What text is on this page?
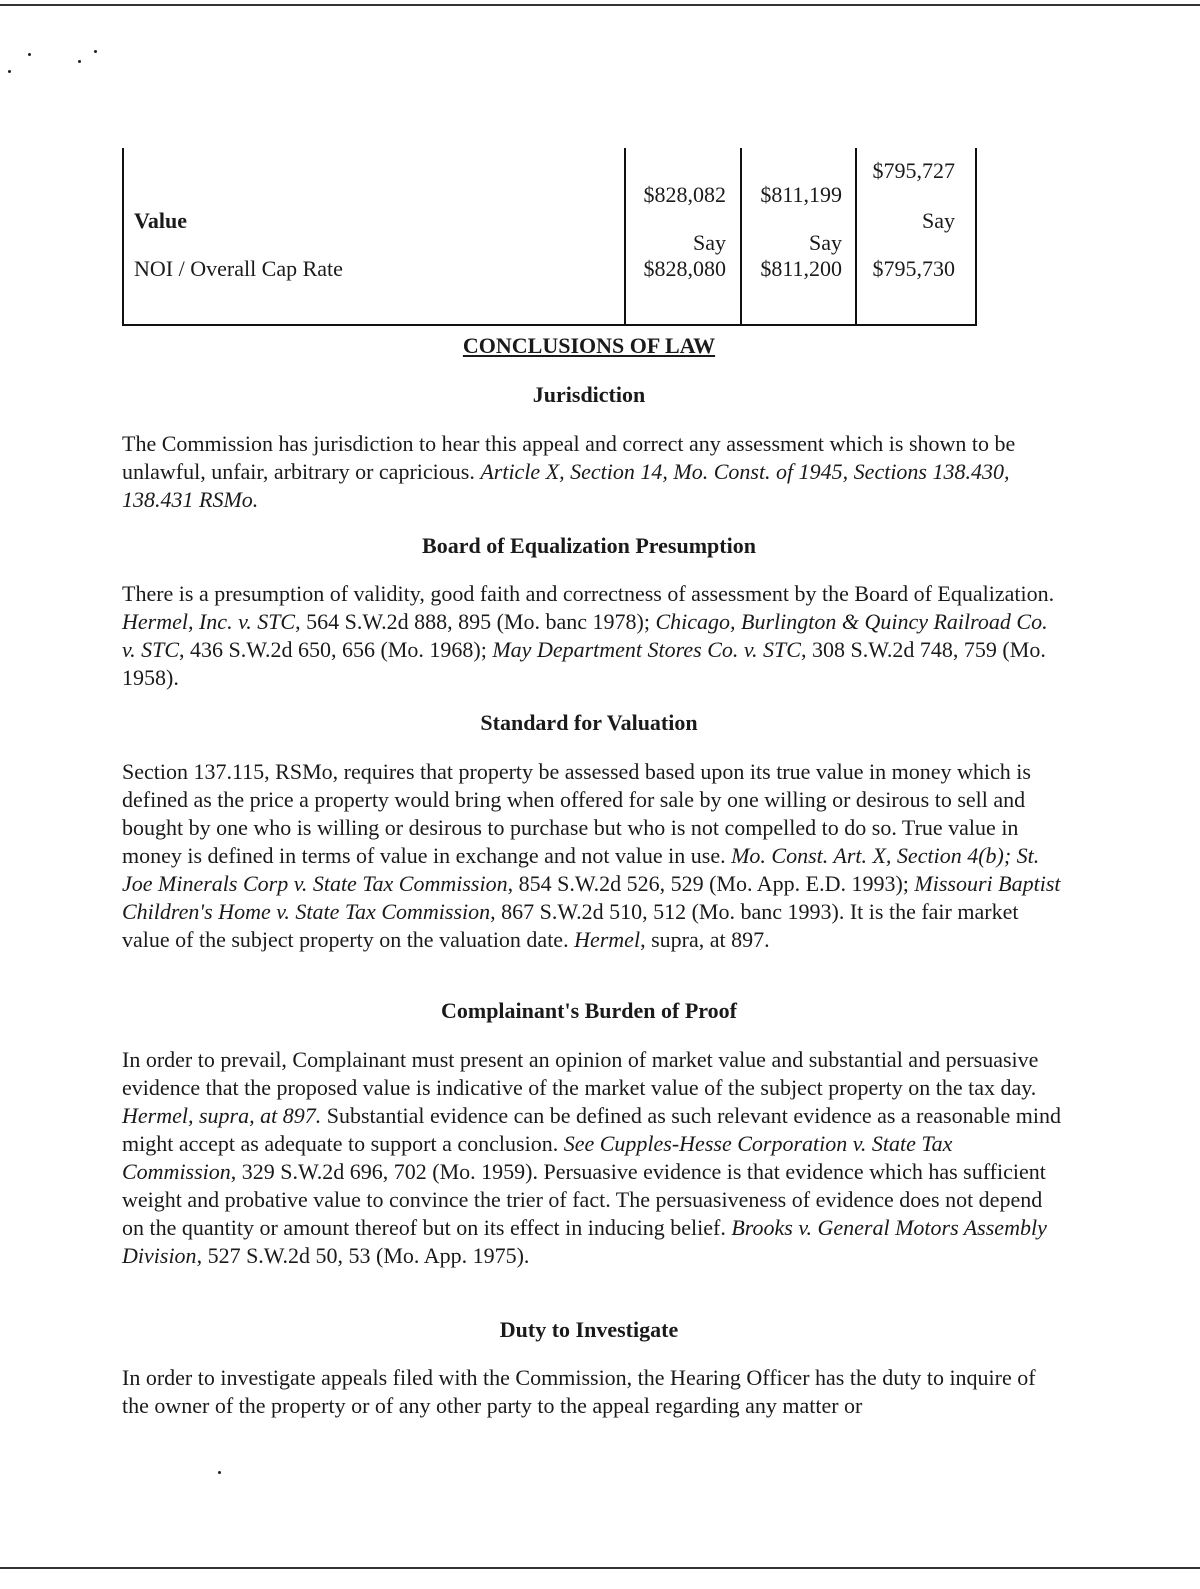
Value
NOI / Overall Cap Rate
$828,082
Say
$828,080
$811,199
Say
$811,200
$795,727
Say
$795,730
CONCLUSIONS OF LAW
Jurisdiction

The Commission has jurisdiction to hear this appeal and correct any assessment which is shown to be unlawful, unfair, arbitrary or capricious. Article X, Section 14, Mo. Const. of 1945, Sections 138.430, 138.431 RSMo.

Board of Equalization Presumption

There is a presumption of validity, good faith and correctness of assessment by the Board of Equalization. Hermel, Inc. v. STC, 564 S.W.2d 888, 895 (Mo. banc 1978); Chicago, Burlington & Quincy Railroad Co. v. STC, 436 S.W.2d 650, 656 (Mo. 1968); May Department Stores Co. v. STC, 308 S.W.2d 748, 759 (Mo. 1958).

Standard for Valuation

Section 137.115, RSMo, requires that property be assessed based upon its true value in money which is defined as the price a property would bring when offered for sale by one willing or desirous to sell and bought by one who is willing or desirous to purchase but who is not compelled to do so. True value in money is defined in terms of value in exchange and not value in use. Mo. Const. Art. X, Section 4(b); St. Joe Minerals Corp v. State Tax Commission, 854 S.W.2d 526, 529 (Mo. App. E.D. 1993); Missouri Baptist Children's Home v. State Tax Commission, 867 S.W.2d 510, 512 (Mo. banc 1993). It is the fair market value of the subject property on the valuation date. Hermel, supra, at 897.

Complainant's Burden of Proof

In order to prevail, Complainant must present an opinion of market value and substantial and persuasive evidence that the proposed value is indicative of the market value of the subject property on the tax day. Hermel, supra, at 897. Substantial evidence can be defined as such relevant evidence as a reasonable mind might accept as adequate to support a conclusion. See Cupples-Hesse Corporation v. State Tax Commission, 329 S.W.2d 696, 702 (Mo. 1959). Persuasive evidence is that evidence which has sufficient weight and probative value to convince the trier of fact. The persuasiveness of evidence does not depend on the quantity or amount thereof but on its effect in inducing belief. Brooks v. General Motors Assembly Division, 527 S.W.2d 50, 53 (Mo. App. 1975).

Duty to Investigate

In order to investigate appeals filed with the Commission, the Hearing Officer has the duty to inquire of the owner of the property or of any other party to the appeal regarding any matter or
